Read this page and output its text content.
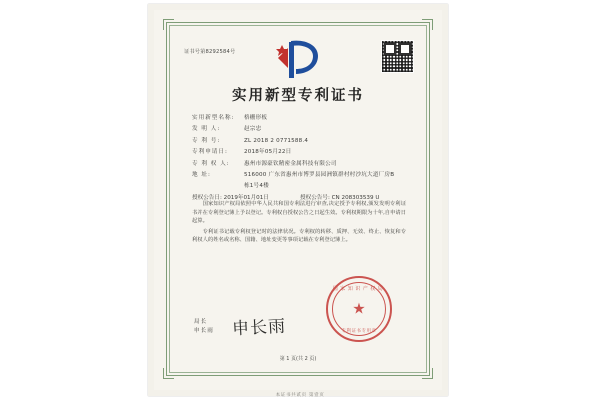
证书号第8292584号
实用新型专利证书
实用新型名称:	格栅形板
发 明 人:	赵宗忠
专 利 号:	ZL 2018 2 0771588.4
专利申请日:	2018年05月22日
专 利 权 人:	惠州市源豪钦精密金属科技有限公司
地 址:	516000 广东省惠州市博罗县园洲镇群村村沙坑大道厂房B
栋1号4楼
授权公告日: 2019年01月01日	授权公告号: CN 208303539 U

国家知识产权局依照中华人民共和国专利法进行审查,决定授予专利权,颁发发明专利证书并在专利登记簿上予以登记。专利权自授权公告之日起生效。专利权期限为十年,自申请日起算。

专利证书记载专利权登记时的法律状况。专利权的转移、质押、无效、终止、恢复和专利权人的姓名或名称、国籍、地址变更等事项记载在专利登记簿上。

局长
申长雨 申长雨
国家知识产权局
★
专利证书专用章
第 1 页(共 2 页)
本证书共贰页 第壹页
